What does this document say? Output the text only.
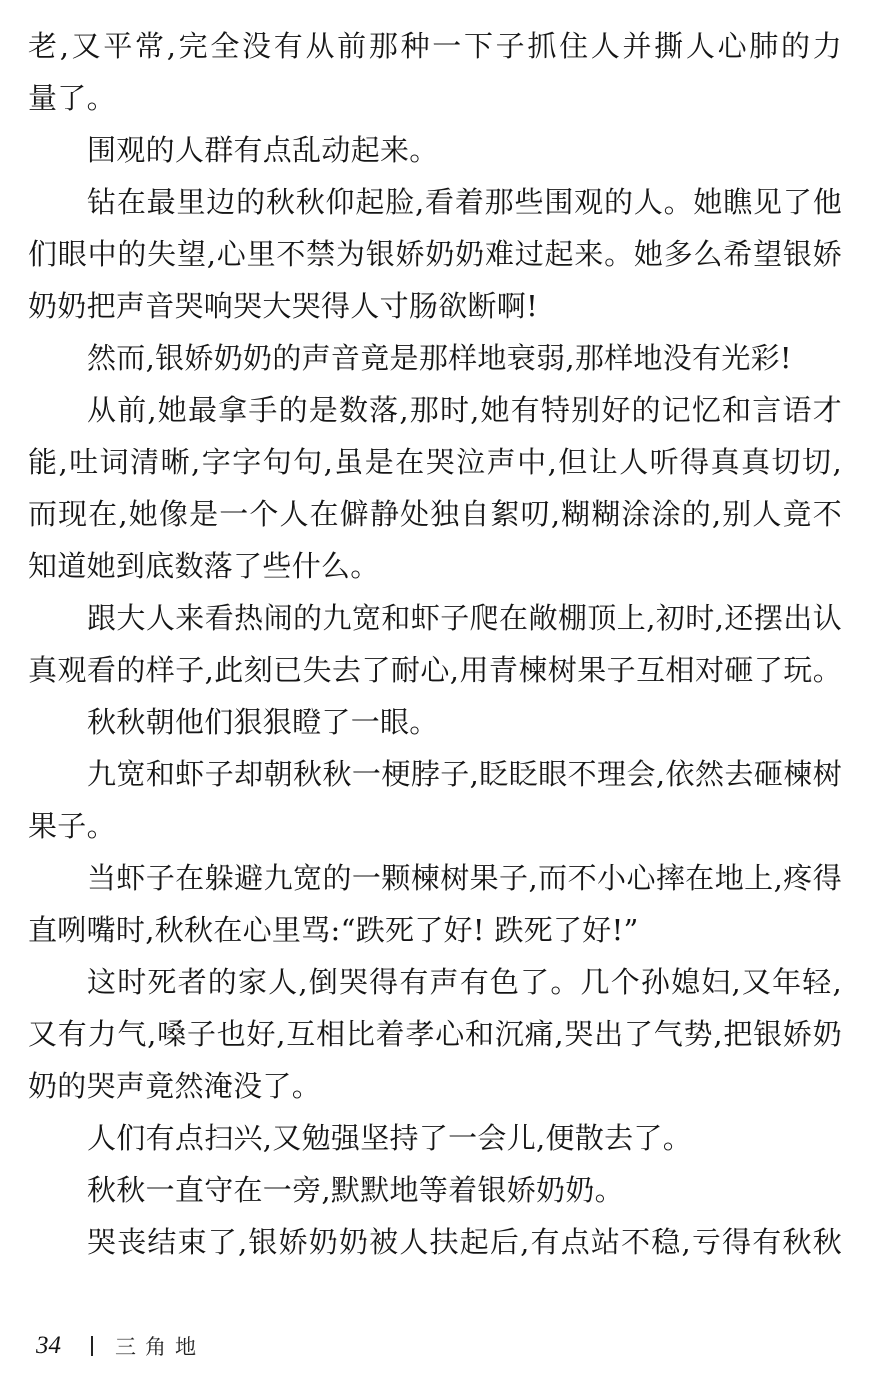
老,又平常,完全没有从前那种一下子抓住人并撕人心肺的力
量了。
围观的人群有点乱动起来。
钻在最里边的秋秋仰起脸,看着那些围观的人。她瞧见了他
们眼中的失望,心里不禁为银娇奶奶难过起来。她多么希望银娇
奶奶把声音哭响哭大哭得人寸肠欲断啊!
然而,银娇奶奶的声音竟是那样地衰弱,那样地没有光彩!
从前,她最拿手的是数落,那时,她有特别好的记忆和言语才
能,吐词清晰,字字句句,虽是在哭泣声中,但让人听得真真切切,
而现在,她像是一个人在僻静处独自絮叨,糊糊涂涂的,别人竟不
知道她到底数落了些什么。
跟大人来看热闹的九宽和虾子爬在敞棚顶上,初时,还摆出认
真观看的样子,此刻已失去了耐心,用青楝树果子互相对砸了玩。
秋秋朝他们狠狠瞪了一眼。
九宽和虾子却朝秋秋一梗脖子,眨眨眼不理会,依然去砸楝树
果子。
当虾子在躲避九宽的一颗楝树果子,而不小心摔在地上,疼得
直咧嘴时,秋秋在心里骂:“跌死了好! 跌死了好!”
这时死者的家人,倒哭得有声有色了。几个孙媳妇,又年轻,
又有力气,嗓子也好,互相比着孝心和沉痛,哭出了气势,把银娇奶
奶的哭声竟然淹没了。
人们有点扫兴,又勉强坚持了一会儿,便散去了。
秋秋一直守在一旁,默默地等着银娇奶奶。
哭丧结束了,银娇奶奶被人扶起后,有点站不稳,亏得有秋秋
34	三角地
